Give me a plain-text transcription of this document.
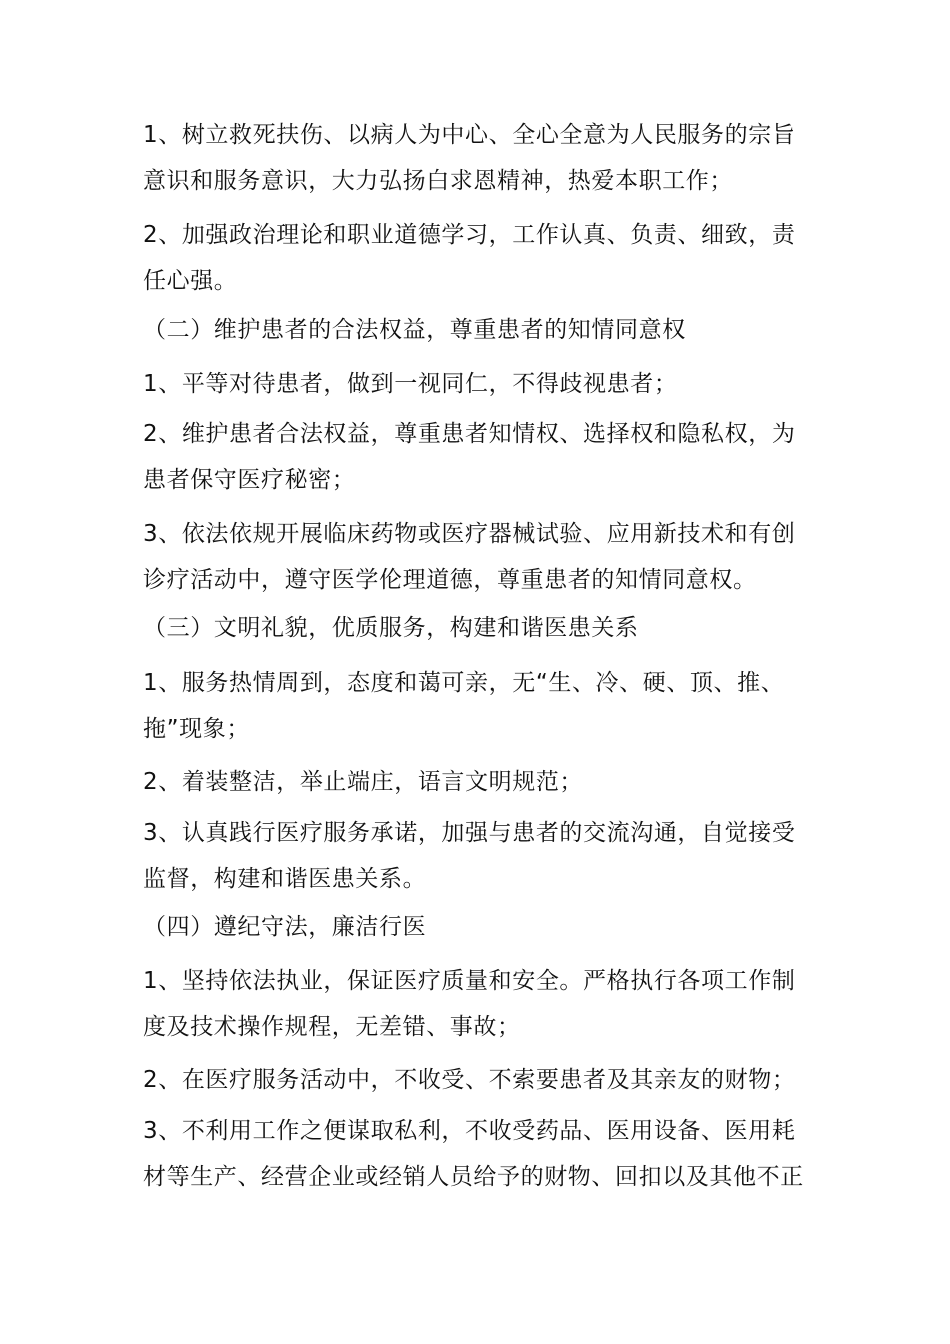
1、树立救死扶伤、以病人为中心、全心全意为人民服务的宗旨意识和服务意识，大力弘扬白求恩精神，热爱本职工作；

2、加强政治理论和职业道德学习，工作认真、负责、细致，责任心强。

（二）维护患者的合法权益，尊重患者的知情同意权

1、平等对待患者，做到一视同仁，不得歧视患者；

2、维护患者合法权益，尊重患者知情权、选择权和隐私权，为患者保守医疗秘密；

3、依法依规开展临床药物或医疗器械试验、应用新技术和有创诊疗活动中，遵守医学伦理道德，尊重患者的知情同意权。

（三）文明礼貌，优质服务，构建和谐医患关系

1、服务热情周到，态度和蔼可亲，无“生、冷、硬、顶、推、拖”现象；

2、着装整洁，举止端庄，语言文明规范；

3、认真践行医疗服务承诺，加强与患者的交流沟通，自觉接受监督，构建和谐医患关系。

（四）遵纪守法，廉洁行医

1、坚持依法执业，保证医疗质量和安全。严格执行各项工作制度及技术操作规程，无差错、事故；

2、在医疗服务活动中，不收受、不索要患者及其亲友的财物；

3、不利用工作之便谋取私利，不收受药品、医用设备、医用耗材等生产、经营企业或经销人员给予的财物、回扣以及其他不正
